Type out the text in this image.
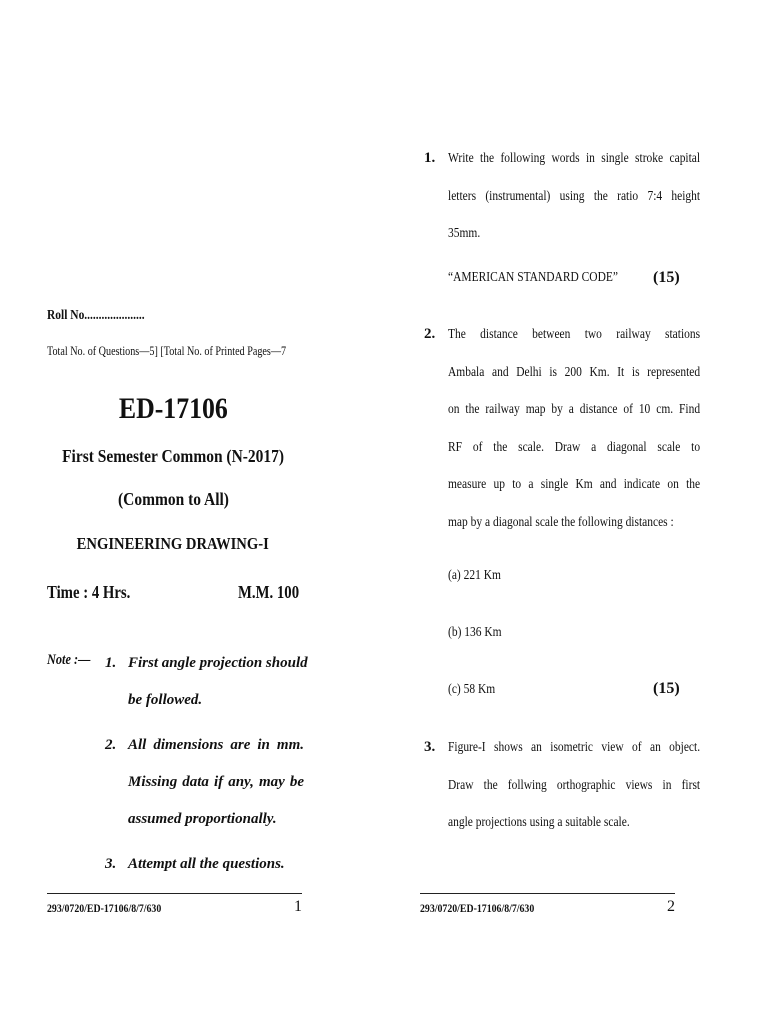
Roll No.....................
Total No. of Questions—5] [Total No. of Printed Pages—7
ED-17106
First Semester Common (N-2017)
(Common to All)
ENGINEERING DRAWING-I
Time : 4 Hrs.	M.M. 100
Note :— 1. First angle projection should
be followed.
2. All dimensions are in mm.
Missing data if any, may be
assumed proportionally.
3. Attempt all the questions.
293/0720/ED-17106/8/7/630	1
1. Write the following words in single stroke capital
letters (instrumental) using the ratio 7:4 height
35mm.
“AMERICAN STANDARD CODE”	(15)
2. The distance between two railway stations
Ambala and Delhi is 200 Km. It is represented
on the railway map by a distance of 10 cm. Find
RF of the scale. Draw a diagonal scale to
measure up to a single Km and indicate on the
map by a diagonal scale the following distances :
(a) 221 Km
(b) 136 Km
(c) 58 Km	(15)
3. Figure-I shows an isometric view of an object.
Draw the follwing orthographic views in first
angle projections using a suitable scale.
293/0720/ED-17106/8/7/630	2
